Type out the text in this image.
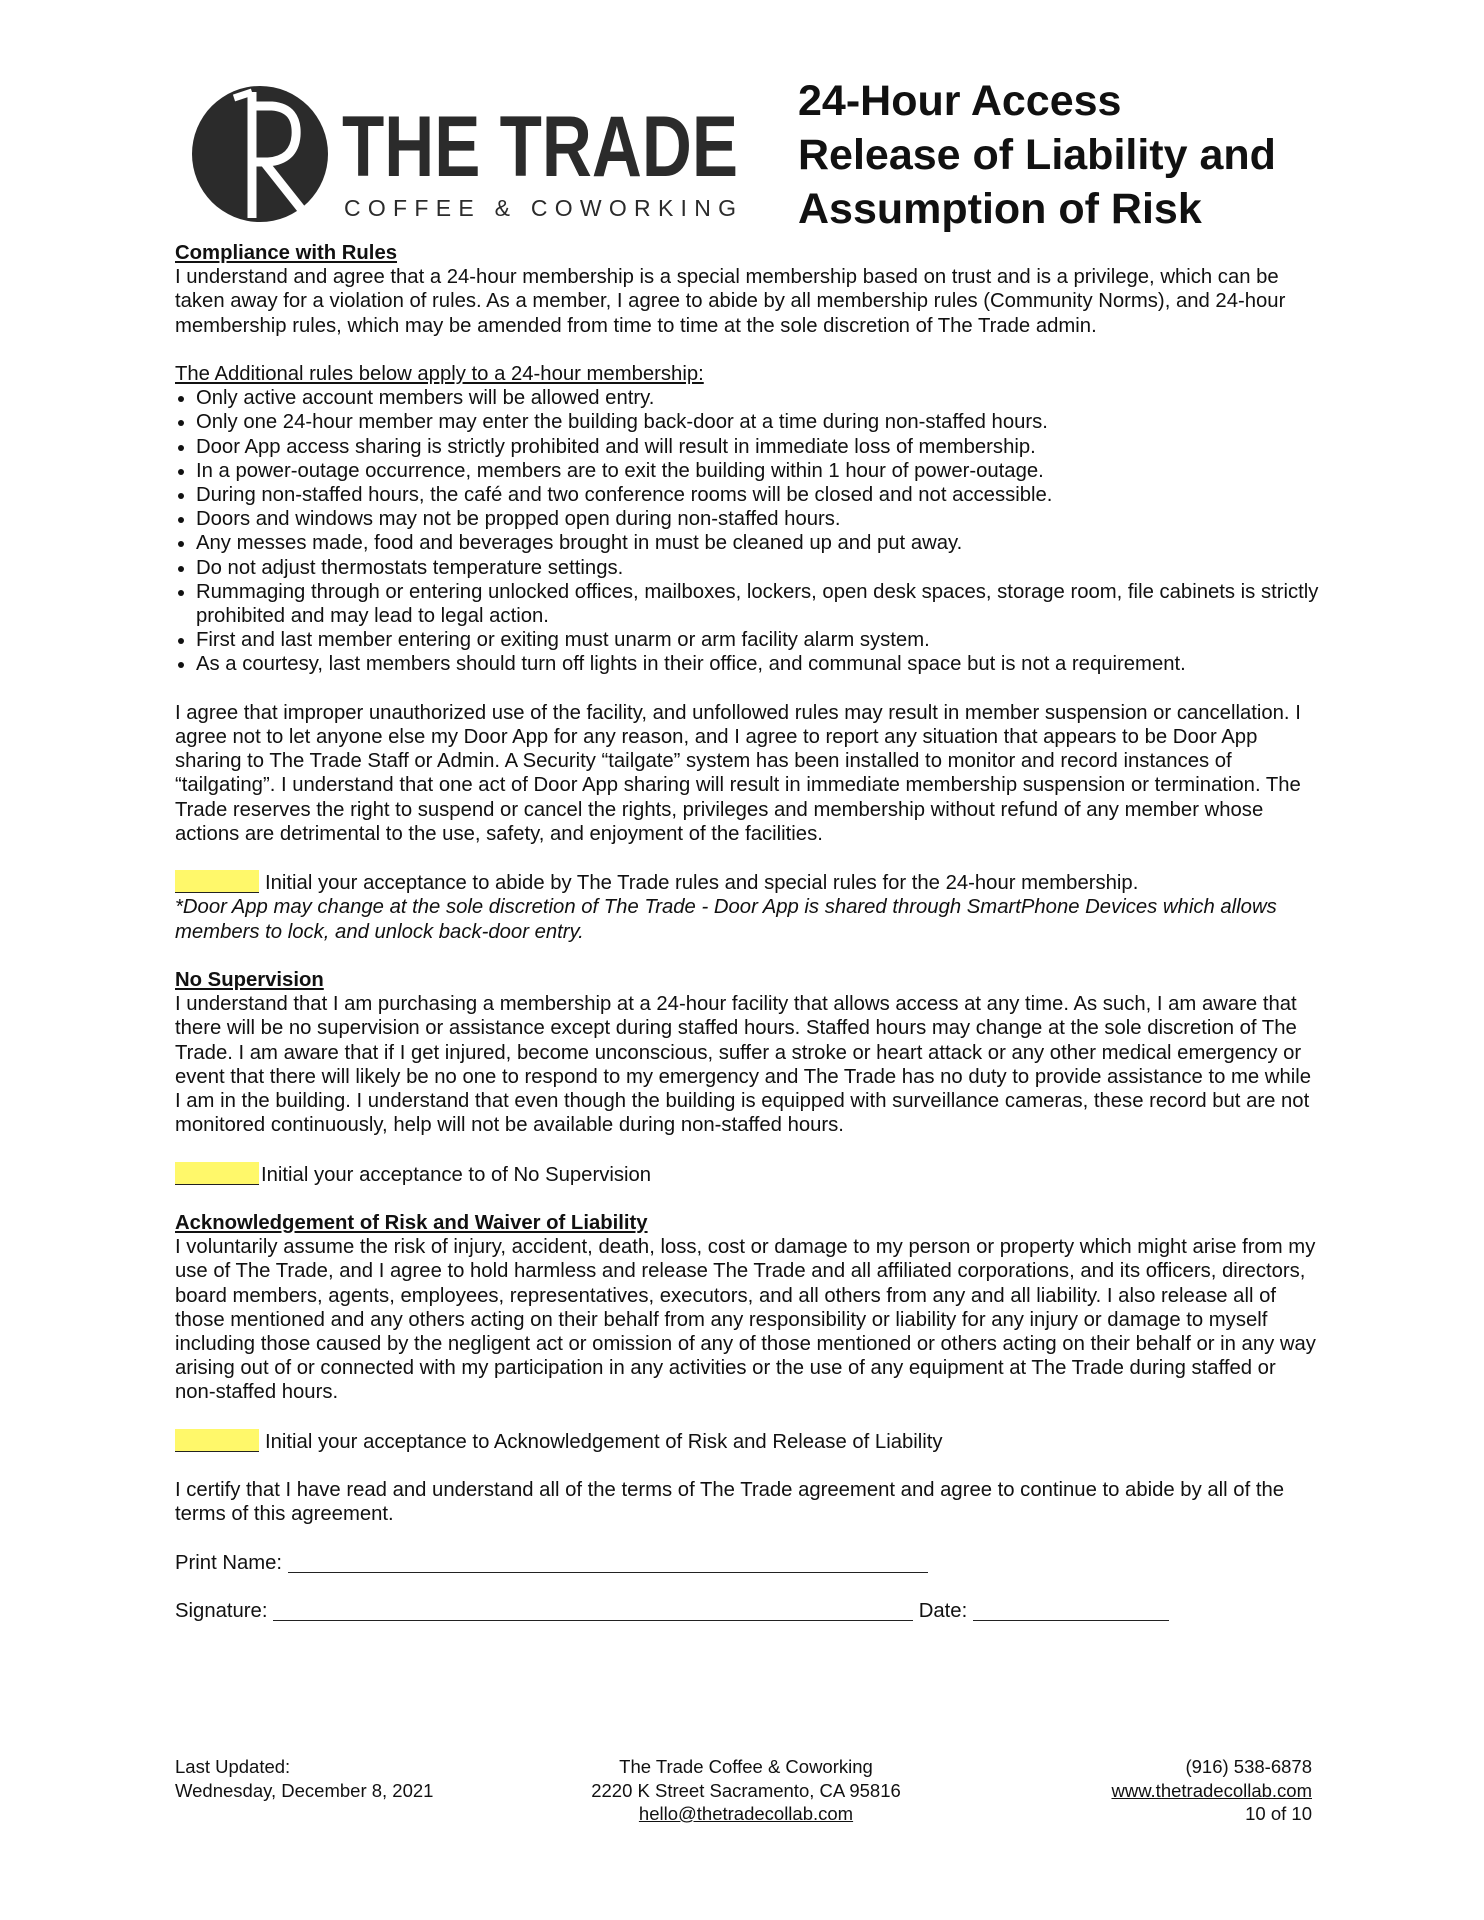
THE TRADE
COFFEE & COWORKING
24-Hour Access
Release of Liability and
Assumption of Risk
Compliance with Rules

I understand and agree that a 24-hour membership is a special membership based on trust and is a privilege, which can be taken away for a violation of rules. As a member, I agree to abide by all membership rules (Community Norms), and 24-hour membership rules, which may be amended from time to time at the sole discretion of The Trade admin.

The Additional rules below apply to a 24-hour membership:
• Only active account members will be allowed entry.
• Only one 24-hour member may enter the building back-door at a time during non-staffed hours.
• Door App access sharing is strictly prohibited and will result in immediate loss of membership.
• In a power-outage occurrence, members are to exit the building within 1 hour of power-outage.
• During non-staffed hours, the café and two conference rooms will be closed and not accessible.
• Doors and windows may not be propped open during non-staffed hours.
• Any messes made, food and beverages brought in must be cleaned up and put away.
• Do not adjust thermostats temperature settings.
• Rummaging through or entering unlocked offices, mailboxes, lockers, open desk spaces, storage room, file cabinets is strictly prohibited and may lead to legal action.
• First and last member entering or exiting must unarm or arm facility alarm system.
• As a courtesy, last members should turn off lights in their office, and communal space but is not a requirement.

I agree that improper unauthorized use of the facility, and unfollowed rules may result in member suspension or cancellation. I agree not to let anyone else my Door App for any reason, and I agree to report any situation that appears to be Door App sharing to The Trade Staff or Admin. A Security “tailgate” system has been installed to monitor and record instances of “tailgating”. I understand that one act of Door App sharing will result in immediate membership suspension or termination. The Trade reserves the right to suspend or cancel the rights, privileges and membership without refund of any member whose actions are detrimental to the use, safety, and enjoyment of the facilities.

Initial your acceptance to abide by The Trade rules and special rules for the 24-hour membership.
*Door App may change at the sole discretion of The Trade - Door App is shared through SmartPhone Devices which allows members to lock, and unlock back-door entry.
No Supervision

I understand that I am purchasing a membership at a 24-hour facility that allows access at any time. As such, I am aware that there will be no supervision or assistance except during staffed hours. Staffed hours may change at the sole discretion of The Trade. I am aware that if I get injured, become unconscious, suffer a stroke or heart attack or any other medical emergency or event that there will likely be no one to respond to my emergency and The Trade has no duty to provide assistance to me while I am in the building. I understand that even though the building is equipped with surveillance cameras, these record but are not monitored continuously, help will not be available during non-staffed hours.

Initial your acceptance to of No Supervision
Acknowledgement of Risk and Waiver of Liability

I voluntarily assume the risk of injury, accident, death, loss, cost or damage to my person or property which might arise from my use of The Trade, and I agree to hold harmless and release The Trade and all affiliated corporations, and its officers, directors, board members, agents, employees, representatives, executors, and all others from any and all liability. I also release all of those mentioned and any others acting on their behalf from any responsibility or liability for any injury or damage to myself including those caused by the negligent act or omission of any of those mentioned or others acting on their behalf or in any way arising out of or connected with my participation in any activities or the use of any equipment at The Trade during staffed or non-staffed hours.

Initial your acceptance to Acknowledgement of Risk and Release of Liability

I certify that I have read and understand all of the terms of The Trade agreement and agree to continue to abide by all of the terms of this agreement.

Print Name:
Signature:	Date:
Last Updated:
Wednesday, December 8, 2021
The Trade Coffee & Coworking
2220 K Street Sacramento, CA 95816
hello@thetradecollab.com
(916) 538-6878
www.thetradecollab.com
10 of 10
